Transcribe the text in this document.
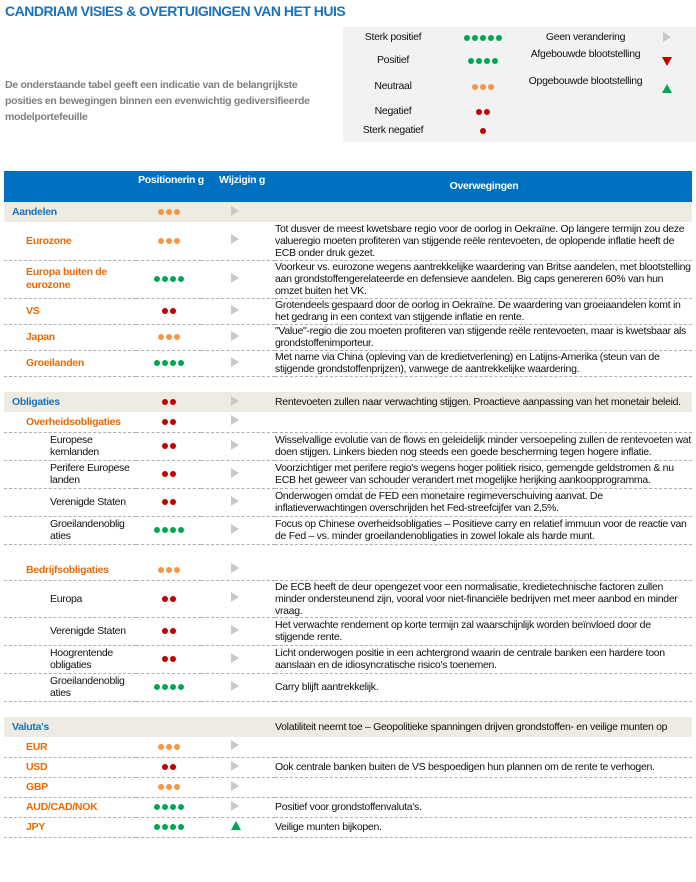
CANDRIAM VISIES & OVERTUIGINGEN VAN HET HUIS
De onderstaande tabel geeft een indicatie van de belangrijkste posities en bewegingen binnen een evenwichtig gediversifieerde modelportefeuille
Sterk positief
Positief
Neutraal
Negatief
Sterk negatief
Geen verandering
Afgebouwde blootstelling
Opgebouwde blootstelling
Positionerin g	Wijzigin g	Overwegingen
Aandelen	

Eurozone			Tot dusver de meest kwetsbare regio voor de oorlog in Oekraïne. Op langere termijn zou deze valueregio moeten profiteren van stijgende reële rentevoeten, de oplopende inflatie heeft de ECB onder druk gezet.
Europa buiten de eurozone			Voorkeur vs. eurozone wegens aantrekkelijke waardering van Britse aandelen, met blootstelling aan grondstoffengerelateerde en defensieve aandelen. Big caps genereren 60% van hun omzet buiten het VK.
VS			Grotendeels gespaard door de oorlog in Oekraïne. De waardering van groeiaandelen komt in het gedrang in een context van stijgende inflatie en rente.
Japan			"Value"-regio die zou moeten profiteren van stijgende reële rentevoeten, maar is kwetsbaar als grondstoffenimporteur.
Groeilanden			Met name via China (opleving van de kredietverlening) en Latijns-Amerika (steun van de stijgende grondstoffenprijzen), vanwege de aantrekkelijke waardering.

Obligaties			Rentevoeten zullen naar verwachting stijgen. Proactieve aanpassing van het monetair beleid.
Overheidsobligaties	

Europese kernlanden			Wisselvallige evolutie van de flows en geleidelijk minder versoepeling zullen de rentevoeten wat doen stijgen. Linkers bieden nog steeds een goede bescherming tegen hogere inflatie.
Perifere Europese landen			Voorzichtiger met perifere regio's wegens hoger politiek risico, gemengde geldstromen & nu ECB het geweer van schouder verandert met mogelijke herijking aankoopprogramma.
Verenigde Staten			Onderwogen omdat de FED een monetaire regimeverschuiving aanvat. De inflatieverwachtingen overschrijden het Fed-streefcijfer van 2,5%.
Groeilandenoblig aties			Focus op Chinese overheidsobligaties – Positieve carry en relatief immuun voor de reactie van de Fed – vs. minder groeilandenobligaties in zowel lokale als harde munt.

Bedrijfsobligaties	

Europa			De ECB heeft de deur opengezet voor een normalisatie, kredietechnische factoren zullen minder ondersteunend zijn, vooral voor niet-financiële bedrijven met meer aanbod en minder vraag.
Verenigde Staten			Het verwachte rendement op korte termijn zal waarschijnlijk worden beïnvloed door de stijgende rente.
Hoogrentende obligaties			Licht onderwogen positie in een achtergrond waarin de centrale banken een hardere toon aanslaan en de idiosyncratische risico's toenemen.
Groeilandenoblig aties			Carry blijft aantrekkelijk.

Valuta's			Volatiliteit neemt toe – Geopolitieke spanningen drijven grondstoffen- en veilige munten op
EUR	

USD			Ook centrale banken buiten de VS bespoedigen hun plannen om de rente te verhogen.
GBP	

AUD/CAD/NOK			Positief voor grondstoffenvaluta's.
JPY			Veilige munten bijkopen.
